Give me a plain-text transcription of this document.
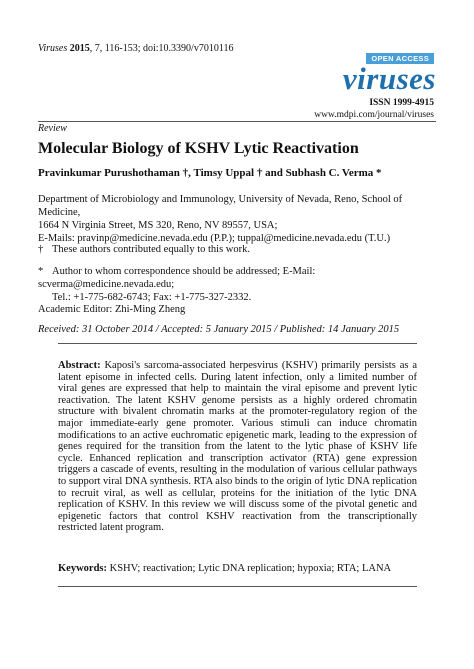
Viruses 2015, 7, 116-153; doi:10.3390/v7010116
OPEN ACCESS
viruses
ISSN 1999-4915
www.mdpi.com/journal/viruses
Review
Molecular Biology of KSHV Lytic Reactivation
Pravinkumar Purushothaman †, Timsy Uppal † and Subhash C. Verma *
Department of Microbiology and Immunology, University of Nevada, Reno, School of Medicine,
1664 N Virginia Street, MS 320, Reno, NV 89557, USA;
E-Mails: pravinp@medicine.nevada.edu (P.P.); tuppal@medicine.nevada.edu (T.U.)
† These authors contributed equally to this work.
* Author to whom correspondence should be addressed; E-Mail: scverma@medicine.nevada.edu;
Tel.: +1-775-682-6743; Fax: +1-775-327-2332.
Academic Editor: Zhi-Ming Zheng
Received: 31 October 2014 / Accepted: 5 January 2015 / Published: 14 January 2015
Abstract: Kaposi's sarcoma-associated herpesvirus (KSHV) primarily persists as a latent episome in infected cells. During latent infection, only a limited number of viral genes are expressed that help to maintain the viral episome and prevent lytic reactivation. The latent KSHV genome persists as a highly ordered chromatin structure with bivalent chromatin marks at the promoter-regulatory region of the major immediate-early gene promoter. Various stimuli can induce chromatin modifications to an active euchromatic epigenetic mark, leading to the expression of genes required for the transition from the latent to the lytic phase of KSHV life cycle. Enhanced replication and transcription activator (RTA) gene expression triggers a cascade of events, resulting in the modulation of various cellular pathways to support viral DNA synthesis. RTA also binds to the origin of lytic DNA replication to recruit viral, as well as cellular, proteins for the initiation of the lytic DNA replication of KSHV. In this review we will discuss some of the pivotal genetic and epigenetic factors that control KSHV reactivation from the transcriptionally restricted latent program.
Keywords: KSHV; reactivation; Lytic DNA replication; hypoxia; RTA; LANA
